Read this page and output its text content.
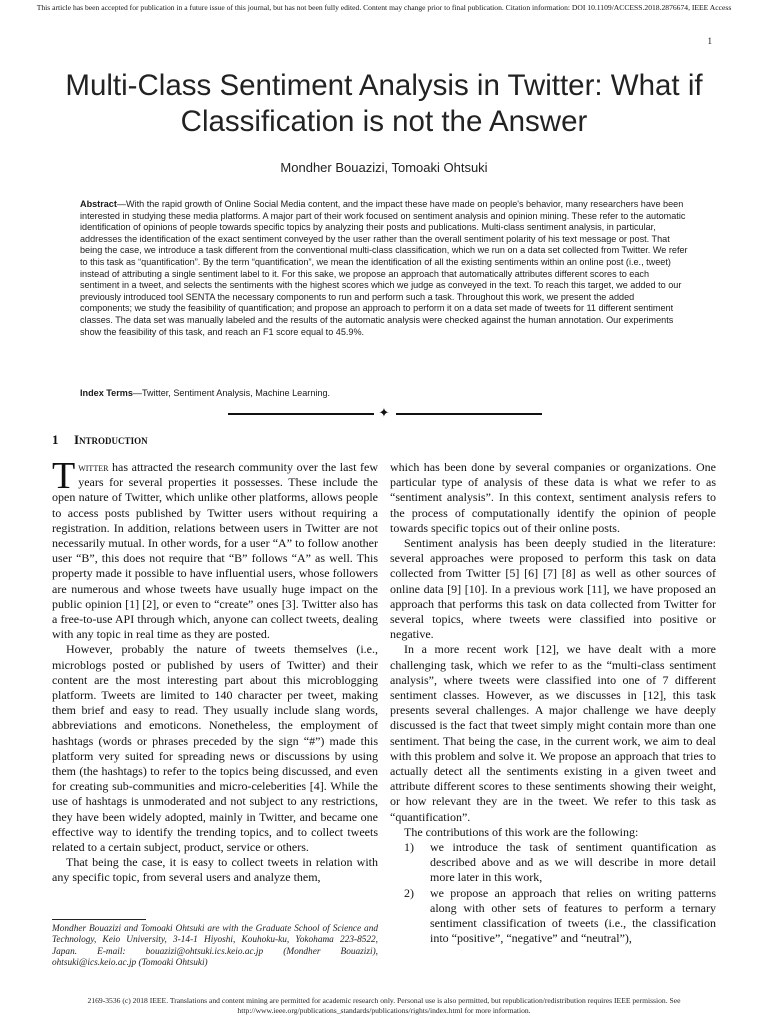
This article has been accepted for publication in a future issue of this journal, but has not been fully edited. Content may change prior to final publication. Citation information: DOI 10.1109/ACCESS.2018.2876674, IEEE Access
1
Multi-Class Sentiment Analysis in Twitter: What if
Classification is not the Answer
Mondher Bouazizi, Tomoaki Ohtsuki
Abstract—With the rapid growth of Online Social Media content, and the impact these have made on people's behavior, many researchers have been interested in studying these media platforms. A major part of their work focused on sentiment analysis and opinion mining. These refer to the automatic identification of opinions of people towards specific topics by analyzing their posts and publications. Multi-class sentiment analysis, in particular, addresses the identification of the exact sentiment conveyed by the user rather than the overall sentiment polarity of his text message or post. That being the case, we introduce a task different from the conventional multi-class classification, which we run on a data set collected from Twitter. We refer to this task as “quantification”. By the term “quantification”, we mean the identification of all the existing sentiments within an online post (i.e., tweet) instead of attributing a single sentiment label to it. For this sake, we propose an approach that automatically attributes different scores to each sentiment in a tweet, and selects the sentiments with the highest scores which we judge as conveyed in the text. To reach this target, we added to our previously introduced tool SENTA the necessary components to run and perform such a task. Throughout this work, we present the added components; we study the feasibility of quantification; and propose an approach to perform it on a data set made of tweets for 11 different sentiment classes. The data set was manually labeled and the results of the automatic analysis were checked against the human annotation. Our experiments show the feasibility of this task, and reach an F1 score equal to 45.9%.
Index Terms—Twitter, Sentiment Analysis, Machine Learning.
✦
1 Introduction

Twitter has attracted the research community over the last few years for several properties it possesses. These include the open nature of Twitter, which unlike other platforms, allows people to access posts published by Twitter users without requiring a registration. In addition, relations between users in Twitter are not necessarily mutual. In other words, for a user “A” to follow another user “B”, this does not require that “B” follows “A” as well. This property made it possible to have influential users, whose followers are numerous and whose tweets have usually huge impact on the public opinion [1] [2], or even to “create” ones [3]. Twitter also has a free-to-use API through which, anyone can collect tweets, dealing with any topic in real time as they are posted.

However, probably the nature of tweets themselves (i.e., microblogs posted or published by users of Twitter) and their content are the most interesting part about this microblogging platform. Tweets are limited to 140 character per tweet, making them brief and easy to read. They usually include slang words, abbreviations and emoticons. Nonetheless, the employment of hashtags (words or phrases preceded by the sign “#”) made this platform very suited for spreading news or discussions by using them (the hashtags) to refer to the topics being discussed, and even for creating sub-communities and micro-celeberities [4]. While the use of hashtags is unmoderated and not subject to any restrictions, they have been widely adopted, mainly in Twitter, and became one effective way to identify the trending topics, and to collect tweets related to a certain subject, product, service or others.

That being the case, it is easy to collect tweets in relation with any specific topic, from several users and analyze them,

which has been done by several companies or organizations. One particular type of analysis of these data is what we refer to as “sentiment analysis”. In this context, sentiment analysis refers to the process of computationally identify the opinion of people towards specific topics out of their online posts.

Sentiment analysis has been deeply studied in the literature: several approaches were proposed to perform this task on data collected from Twitter [5] [6] [7] [8] as well as other sources of online data [9] [10]. In a previous work [11], we have proposed an approach that performs this task on data collected from Twitter for several topics, where tweets were classified into positive or negative.

In a more recent work [12], we have dealt with a more challenging task, which we refer to as the “multi-class sentiment analysis”, where tweets were classified into one of 7 different sentiment classes. However, as we discusses in [12], this task presents several challenges. A major challenge we have deeply discussed is the fact that tweet simply might contain more than one sentiment. That being the case, in the current work, we aim to deal with this problem and solve it. We propose an approach that tries to actually detect all the sentiments existing in a given tweet and attribute different scores to these sentiments showing their weight, or how relevant they are in the tweet. We refer to this task as “quantification”.

The contributions of this work are the following:

1) we introduce the task of sentiment quantification as described above and as we will describe in more detail more later in this work,
2) we propose an approach that relies on writing patterns along with other sets of features to perform a ternary sentiment classification of tweets (i.e., the classification into “positive”, “negative” and “neutral”),
Mondher Bouazizi and Tomoaki Ohtsuki are with the Graduate School of Science and Technology, Keio University, 3-14-1 Hiyoshi, Kouhoku-ku, Yokohama 223-8522, Japan. E-mail: bouazizi@ohtsuki.ics.keio.ac.jp (Mondher Bouazizi), ohtsuki@ics.keio.ac.jp (Tomoaki Ohtsuki)
2169-3536 (c) 2018 IEEE. Translations and content mining are permitted for academic research only. Personal use is also permitted, but republication/redistribution requires IEEE permission. See
http://www.ieee.org/publications_standards/publications/rights/index.html for more information.
